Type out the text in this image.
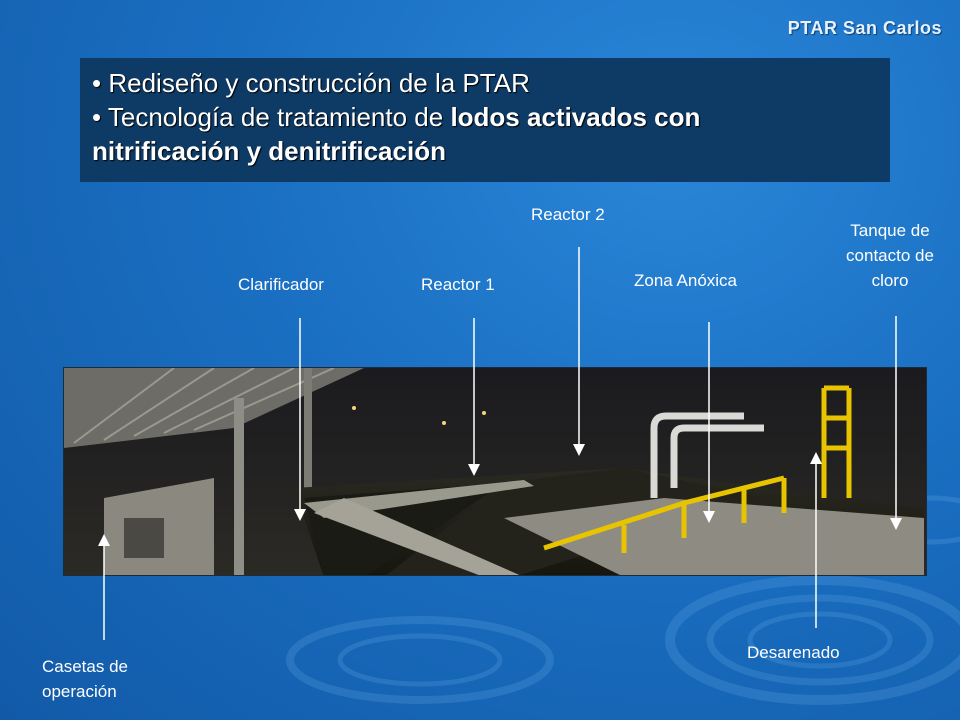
PTAR San Carlos
• Rediseño y construcción de la PTAR
• Tecnología de tratamiento de lodos activados con
nitrificación y denitrificación
Clarificador	Reactor 1
Reactor 2
Zona Anóxica
Tanque de
contacto de
cloro
Casetas de
operación
Desarenado
